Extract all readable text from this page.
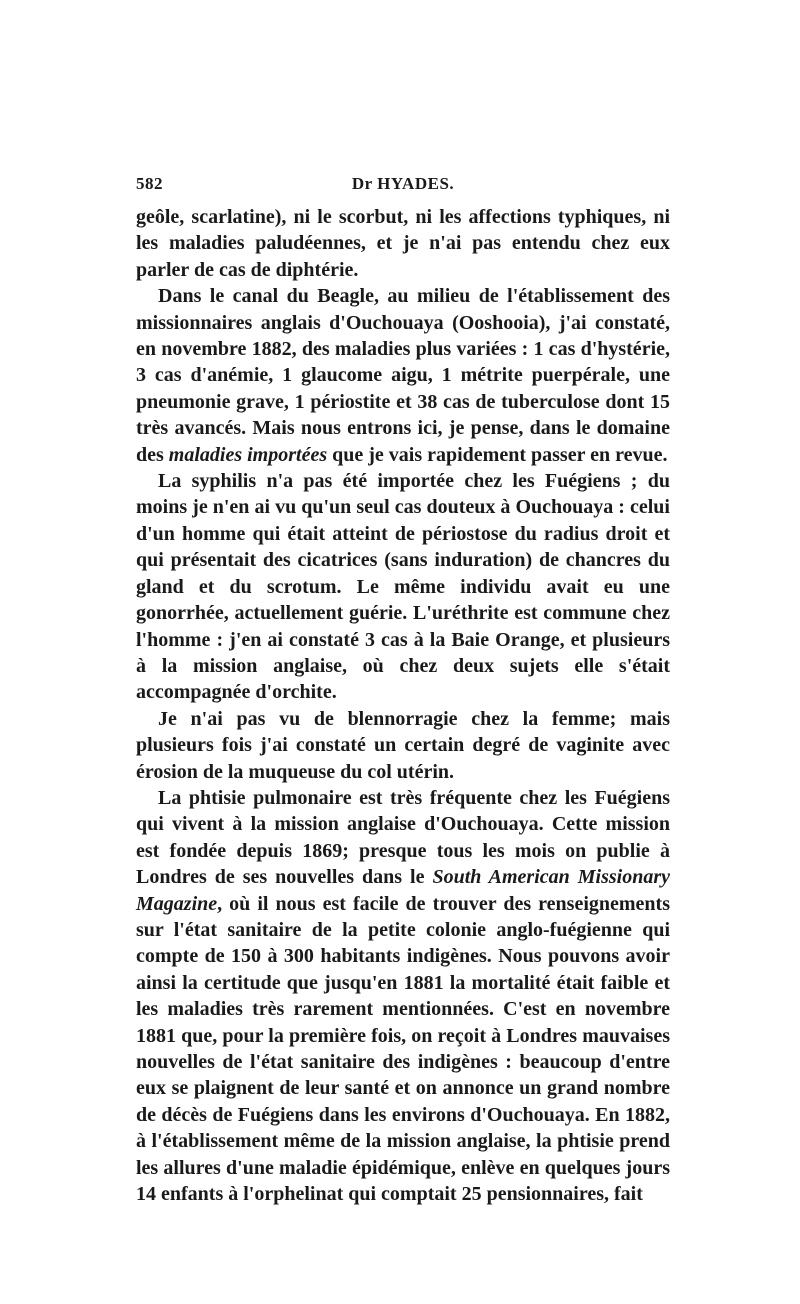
582	Dr HYADES.

geôle, scarlatine), ni le scorbut, ni les affections typhiques, ni les maladies paludéennes, et je n'ai pas entendu chez eux parler de cas de diphtérie.

Dans le canal du Beagle, au milieu de l'établissement des missionnaires anglais d'Ouchouaya (Ooshooia), j'ai constaté, en novembre 1882, des maladies plus variées : 1 cas d'hystérie, 3 cas d'anémie, 1 glaucome aigu, 1 métrite puerpérale, une pneumonie grave, 1 périostite et 38 cas de tuberculose dont 15 très avancés. Mais nous entrons ici, je pense, dans le domaine des maladies importées que je vais rapidement passer en revue.

La syphilis n'a pas été importée chez les Fuégiens ; du moins je n'en ai vu qu'un seul cas douteux à Ouchouaya : celui d'un homme qui était atteint de périostose du radius droit et qui présentait des cicatrices (sans induration) de chancres du gland et du scrotum. Le même individu avait eu une gonorrhée, actuellement guérie. L'uréthrite est commune chez l'homme : j'en ai constaté 3 cas à la Baie Orange, et plusieurs à la mission anglaise, où chez deux sujets elle s'était accompagnée d'orchite.

Je n'ai pas vu de blennorragie chez la femme; mais plusieurs fois j'ai constaté un certain degré de vaginite avec érosion de la muqueuse du col utérin.

La phtisie pulmonaire est très fréquente chez les Fuégiens qui vivent à la mission anglaise d'Ouchouaya. Cette mission est fondée depuis 1869; presque tous les mois on publie à Londres de ses nouvelles dans le South American Missionary Magazine, où il nous est facile de trouver des renseignements sur l'état sanitaire de la petite colonie anglo-fuégienne qui compte de 150 à 300 habitants indigènes. Nous pouvons avoir ainsi la certitude que jusqu'en 1881 la mortalité était faible et les maladies très rarement mentionnées. C'est en novembre 1881 que, pour la première fois, on reçoit à Londres mauvaises nouvelles de l'état sanitaire des indigènes : beaucoup d'entre eux se plaignent de leur santé et on annonce un grand nombre de décès de Fuégiens dans les environs d'Ouchouaya. En 1882, à l'établissement même de la mission anglaise, la phtisie prend les allures d'une maladie épidémique, enlève en quelques jours 14 enfants à l'orphelinat qui comptait 25 pensionnaires, fait
